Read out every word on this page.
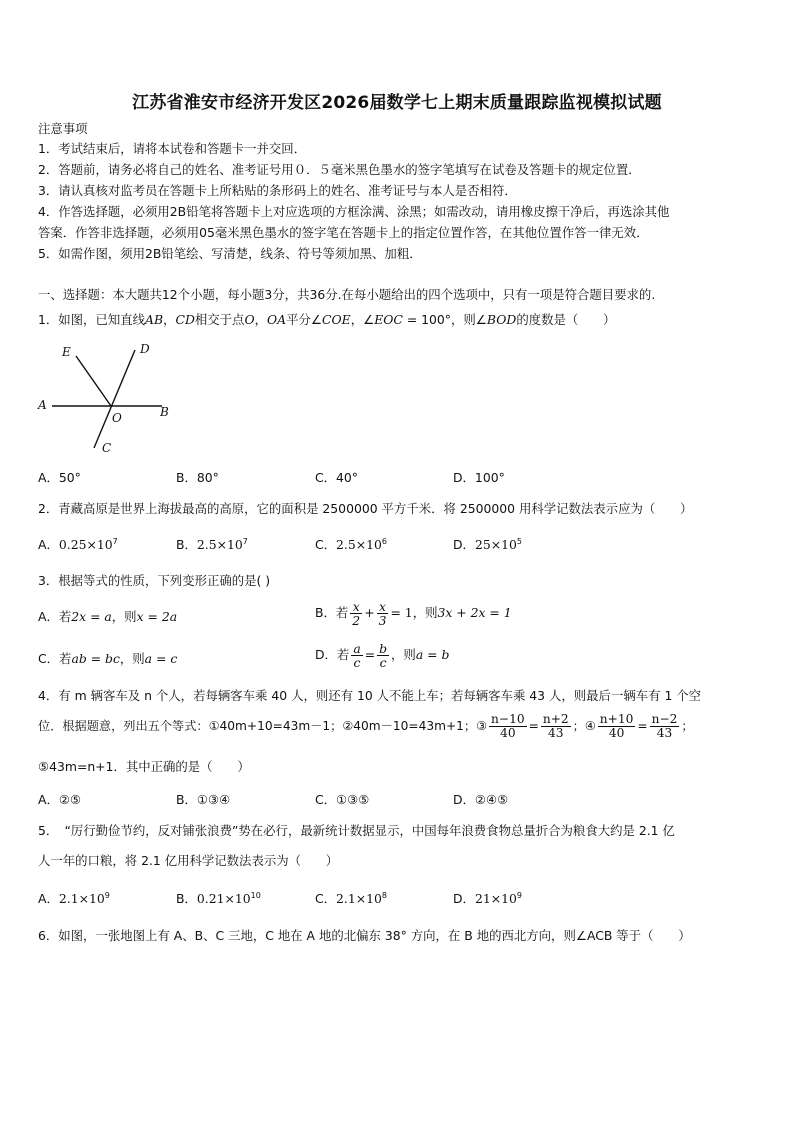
江苏省淮安市经济开发区2026届数学七上期末质量跟踪监视模拟试题
注意事项
1．考试结束后，请将本试卷和答题卡一并交回．
2．答题前，请务必将自己的姓名、准考证号用０．５毫米黑色墨水的签字笔填写在试卷及答题卡的规定位置．
3．请认真核对监考员在答题卡上所粘贴的条形码上的姓名、准考证号与本人是否相符．
4．作答选择题，必须用2B铅笔将答题卡上对应选项的方框涂满、涂黑；如需改动，请用橡皮擦干净后，再选涂其他
答案．作答非选择题，必须用05毫米黑色墨水的签字笔在答题卡上的指定位置作答，在其他位置作答一律无效．
5．如需作图，须用2B铅笔绘、写清楚，线条、符号等须加黑、加粗．
一、选择题：本大题共12个小题，每小题3分，共36分.在每小题给出的四个选项中，只有一项是符合题目要求的.
1．如图，已知直线AB，CD相交于点O，OA平分∠COE，∠EOC = 100°，则∠BOD的度数是（　　）
E	D
A
O	B
C
A．50°	B．80°	C．40°	D．100°
2．青藏高原是世界上海拔最高的高原，它的面积是 2500000 平方千米．将 2500000 用科学记数法表示应为（　　）
A．$0.25\times 10^7$	B．$2.5\times 10^7$	C．$2.5\times 10^6$	D．$25\times 10^5$
3．根据等式的性质，下列变形正确的是( )
A．若2x = a，则x = 2a	B．若 $\frac{x}{2} + \frac{x}{3} = 1$，则3x + 2x = 1
C．若ab = bc，则a = c	D．若 $\frac{a}{c} = \frac{b}{c}$ ，则a = b
4．有 m 辆客车及 n 个人，若每辆客车乘 40 人，则还有 10 人不能上车；若每辆客车乘 43 人，则最后一辆车有 1 个空
位．根据题意，列出五个等式：①40m+10=43m－1；②40m－10=43m+1；③ $\frac{n-10}{40} = \frac{n+2}{43}$ ；④ $\frac{n+10}{40} = \frac{n-2}{43}$ ；
⑤43m=n+1．其中正确的是（　　）
A．②⑤	B．①③④	C．①③⑤	D．②④⑤
5．　“厉行勤俭节约，反对铺张浪费”势在必行，最新统计数据显示，中国每年浪费食物总量折合为粮食大约是 2.1 亿
人一年的口粮，将 2.1 亿用科学记数法表示为（　　）
A．$2.1\times 10^9$	B．$0.21\times 10^{10}$	C．$2.1\times 10^8$	D．$21\times 10^9$
6．如图，一张地图上有 A、B、C 三地，C 地在 A 地的北偏东 38° 方向，在 B 地的西北方向，则∠ACB 等于（　　）
